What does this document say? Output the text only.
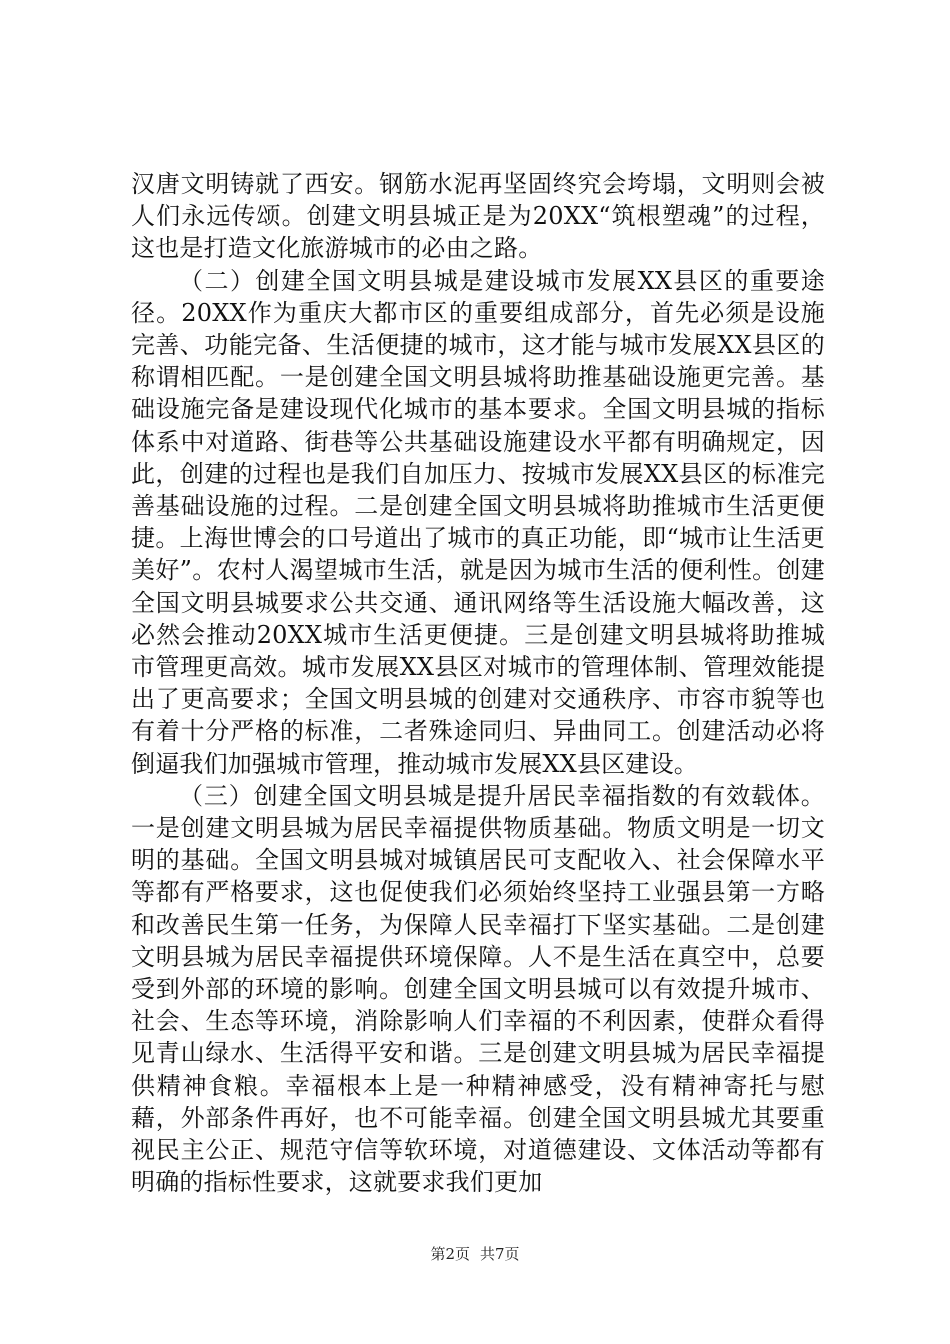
汉唐文明铸就了西安。钢筋水泥再坚固终究会垮塌，文明则会被人们永远传颂。创建文明县城正是为20XX“筑根塑魂”的过程，这也是打造文化旅游城市的必由之路。

（二）创建全国文明县城是建设城市发展XX县区的重要途径。20XX作为重庆大都市区的重要组成部分，首先必须是设施完善、功能完备、生活便捷的城市，这才能与城市发展XX县区的称谓相匹配。一是创建全国文明县城将助推基础设施更完善。基础设施完备是建设现代化城市的基本要求。全国文明县城的指标体系中对道路、街巷等公共基础设施建设水平都有明确规定，因此，创建的过程也是我们自加压力、按城市发展XX县区的标准完善基础设施的过程。二是创建全国文明县城将助推城市生活更便捷。上海世博会的口号道出了城市的真正功能，即“城市让生活更美好”。农村人渴望城市生活，就是因为城市生活的便利性。创建全国文明县城要求公共交通、通讯网络等生活设施大幅改善，这必然会推动20XX城市生活更便捷。三是创建文明县城将助推城市管理更高效。城市发展XX县区对城市的管理体制、管理效能提出了更高要求；全国文明县城的创建对交通秩序、市容市貌等也有着十分严格的标准，二者殊途同归、异曲同工。创建活动必将倒逼我们加强城市管理，推动城市发展XX县区建设。

（三）创建全国文明县城是提升居民幸福指数的有效载体。一是创建文明县城为居民幸福提供物质基础。物质文明是一切文明的基础。全国文明县城对城镇居民可支配收入、社会保障水平等都有严格要求，这也促使我们必须始终坚持工业强县第一方略和改善民生第一任务，为保障人民幸福打下坚实基础。二是创建文明县城为居民幸福提供环境保障。人不是生活在真空中，总要受到外部的环境的影响。创建全国文明县城可以有效提升城市、社会、生态等环境，消除影响人们幸福的不利因素，使群众看得见青山绿水、生活得平安和谐。三是创建文明县城为居民幸福提供精神食粮。幸福根本上是一种精神感受，没有精神寄托与慰藉，外部条件再好，也不可能幸福。创建全国文明县城尤其要重视民主公正、规范守信等软环境，对道德建设、文体活动等都有明确的指标性要求，这就要求我们更加

第2页 共7页
